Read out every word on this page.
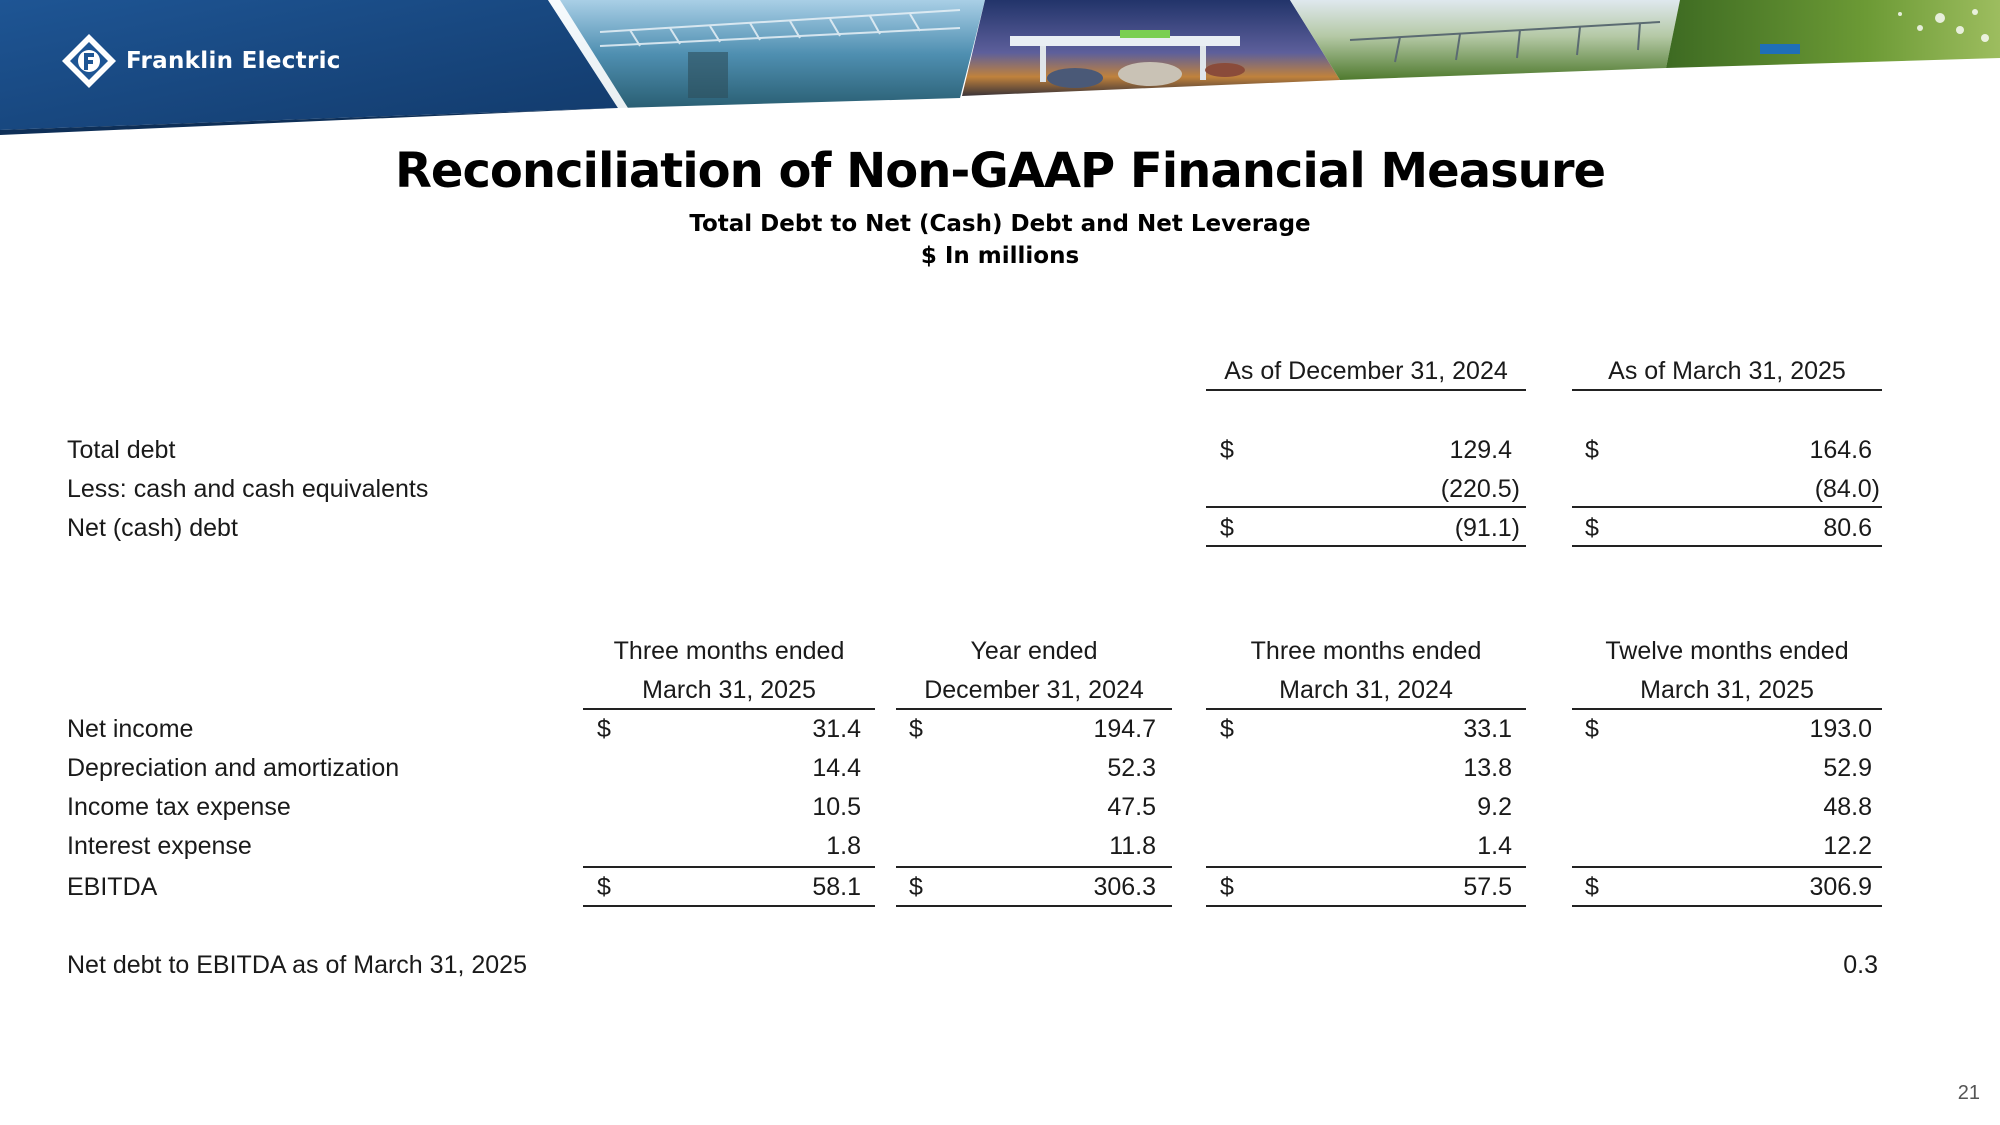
Franklin Electric
Reconciliation of Non-GAAP Financial Measure
Total Debt to Net (Cash) Debt and Net Leverage
$ In millions
As of December 31, 2024	As of March 31, 2025
Total debt	$	129.4	$	164.6
Less: cash and cash equivalents	(220.5)	(84.0)
Net (cash) debt	$	(91.1)	$	80.6
Three months ended
March 31, 2025
Year ended
December 31, 2024
Three months ended
March 31, 2024
Twelve months ended
March 31, 2025
Net income	$	31.4 $	194.7	$	33.1	$	193.0
Depreciation and amortization	14.4	52.3	13.8	52.9
Income tax expense	10.5	47.5	9.2	48.8
Interest expense	1.8	11.8	1.4	12.2
EBITDA	$	58.1 $	306.3	$	57.5	$	306.9
Net debt to EBITDA as of March 31, 2025	0.3
21
